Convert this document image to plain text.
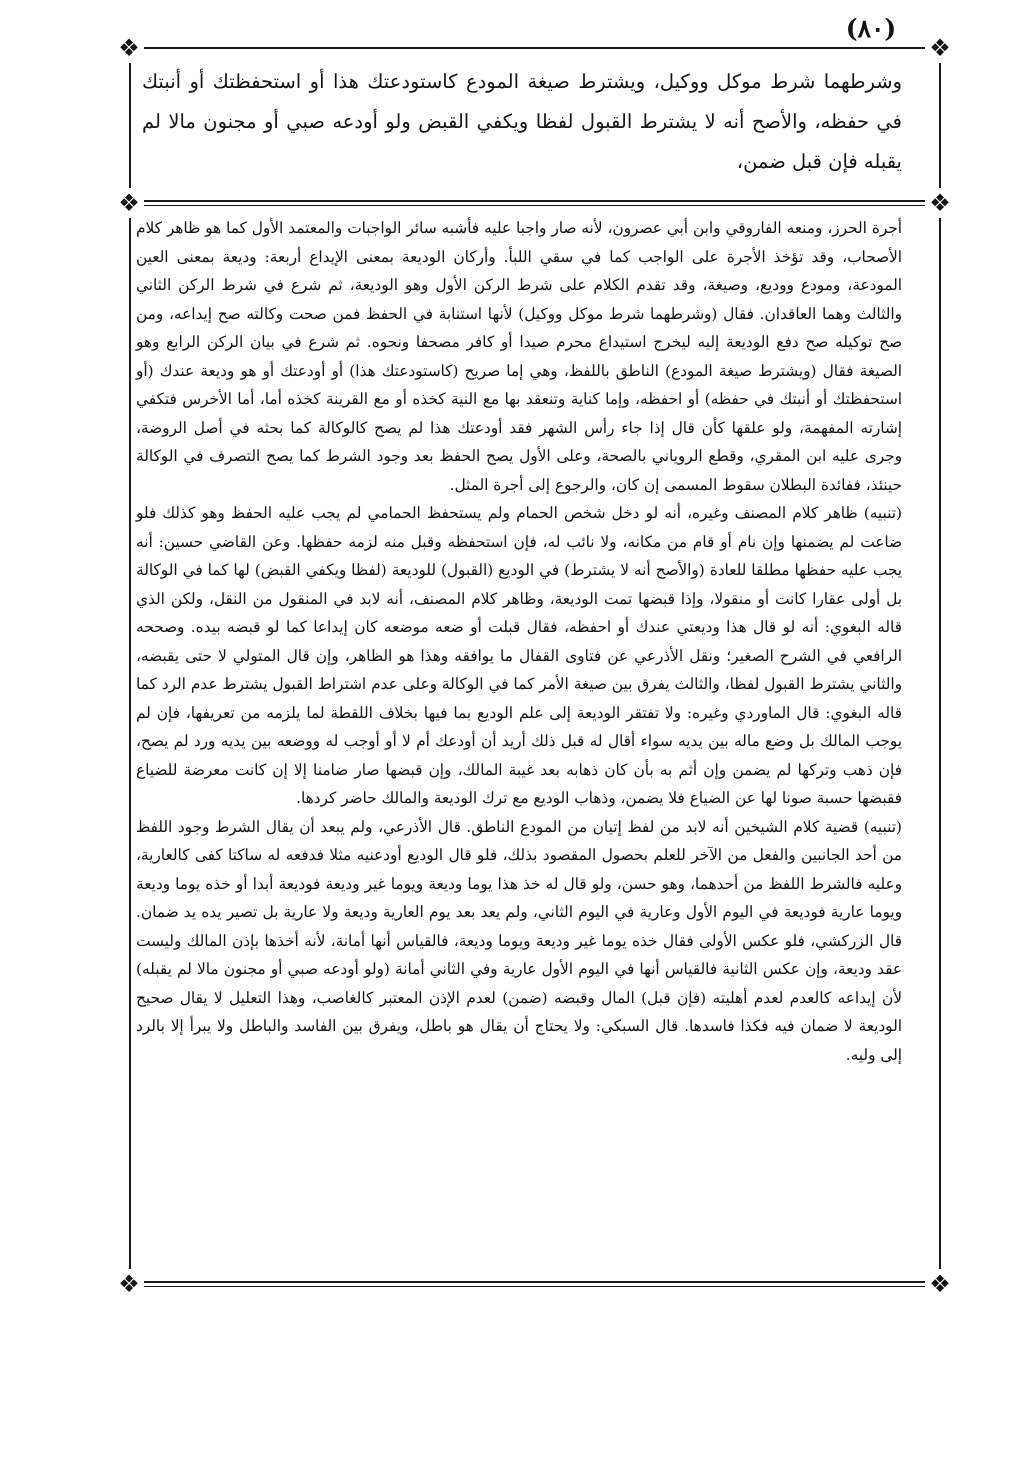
(٨٠)
❖	❖
❖	❖
❖	❖

وشرطهما شرط موكل ووكيل، ويشترط صيغة المودع كاستودعتك هذا أو استحفظتك أو أنبتك في حفظه، والأصح أنه لا يشترط القبول لفظا ويكفي القبض ولو أودعه صبي أو مجنون مالا لم يقبله فإن قبل ضمن،

أجرة الحرز، ومنعه الفاروقي وابن أبي عصرون، لأنه صار واجبا عليه فأشبه سائر الواجبات والمعتمد الأول كما هو ظاهر كلام الأصحاب، وقد تؤخذ الأجرة على الواجب كما في سقي اللبأ. وأركان الوديعة بمعنى الإيداع أربعة: وديعة بمعنى العين المودعة، ومودع ووديع، وصيغة، وقد تقدم الكلام على شرط الركن الأول وهو الوديعة، ثم شرع في شرط الركن الثاني والثالث وهما العاقدان. فقال (وشرطهما شرط موكل ووكيل) لأنها استنابة في الحفظ فمن صحت وكالته صح إيداعه، ومن صح توكيله صح دفع الوديعة إليه ليخرج استيداع محرم صيدا أو كافر مصحفا ونحوه. ثم شرع في بيان الركن الرابع وهو الصيغة فقال (ويشترط صيغة المودع) الناطق باللفظ، وهي إما صريح (كاستودعتك هذا) أو أودعتك أو هو وديعة عندك (أو استحفظتك أو أنبتك في حفظه) أو احفظه، وإما كناية وتنعقد بها مع النية كخذه أو مع القرينة كخذه أما، أما الأخرس فتكفي إشارته المفهمة، ولو علقها كأن قال إذا جاء رأس الشهر فقد أودعتك هذا لم يصح كالوكالة كما بحثه في أصل الروضة، وجرى عليه ابن المقري، وقطع الروياني بالصحة، وعلى الأول يصح الحفظ بعد وجود الشرط كما يصح التصرف في الوكالة حينئذ، ففائدة البطلان سقوط المسمى إن كان، والرجوع إلى أجرة المثل.

(تنبيه) ظاهر كلام المصنف وغيره، أنه لو دخل شخص الحمام ولم يستحفظ الحمامي لم يجب عليه الحفظ وهو كذلك فلو ضاعت لم يضمنها وإن نام أو قام من مكانه، ولا نائب له، فإن استحفظه وقبل منه لزمه حفظها. وعن القاضي حسين: أنه يجب عليه حفظها مطلقا للعادة (والأصح أنه لا يشترط) في الوديع (القبول) للوديعة (لفظا ويكفي القبض) لها كما في الوكالة بل أولى عقارا كانت أو منقولا، وإذا قبضها تمت الوديعة، وظاهر كلام المصنف، أنه لابد في المنقول من النقل، ولكن الذي قاله البغوي: أنه لو قال هذا وديعتي عندك أو احفظه، فقال قبلت أو ضعه موضعه كان إيداعا كما لو قبضه بيده. وصححه الرافعي في الشرح الصغير؛ ونقل الأذرعي عن فتاوى القفال ما يوافقه وهذا هو الظاهر، وإن قال المتولي لا حتى يقبضه، والثاني يشترط القبول لفظا، والثالث يفرق بين صيغة الأمر كما في الوكالة وعلى عدم اشتراط القبول يشترط عدم الرد كما قاله البغوي: قال الماوردي وغيره: ولا تفتقر الوديعة إلى علم الوديع بما فيها بخلاف اللقطة لما يلزمه من تعريفها، فإن لم يوجب المالك بل وضع ماله بين يديه سواء أقال له قبل ذلك أريد أن أودعك أم لا أو أوجب له ووضعه بين يديه ورد لم يصح، فإن ذهب وتركها لم يضمن وإن أثم به بأن كان ذهابه بعد غيبة المالك، وإن قبضها صار ضامنا إلا إن كانت معرضة للضياع فقبضها حسبة صونا لها عن الضياع فلا يضمن، وذهاب الوديع مع ترك الوديعة والمالك حاضر كردها.

(تنبيه) قضية كلام الشيخين أنه لابد من لفظ إتيان من المودع الناطق. قال الأذرعي، ولم يبعد أن يقال الشرط وجود اللفظ من أحد الجانبين والفعل من الآخر للعلم بحصول المقصود بذلك، فلو قال الوديع أودعنيه مثلا فدفعه له ساكتا كفى كالعارية، وعليه فالشرط اللفظ من أحدهما، وهو حسن، ولو قال له خذ هذا يوما وديعة ويوما غير وديعة فوديعة أبدا أو خذه يوما وديعة ويوما عارية فوديعة في اليوم الأول وعارية في اليوم الثاني، ولم يعد بعد يوم العارية وديعة ولا عارية بل تصير يده يد ضمان. قال الزركشي، فلو عكس الأولى فقال خذه يوما غير وديعة ويوما وديعة، فالقياس أنها أمانة، لأنه أخذها بإذن المالك وليست عقد وديعة، وإن عكس الثانية فالقياس أنها في اليوم الأول عارية وفي الثاني أمانة (ولو أودعه صبي أو مجنون مالا لم يقبله) لأن إيداعه كالعدم لعدم أهليته (فإن قبل) المال وقبضه (ضمن) لعدم الإذن المعتبر كالغاصب، وهذا التعليل لا يقال صحيح الوديعة لا ضمان فيه فكذا فاسدها. قال السبكي: ولا يحتاج أن يقال هو باطل، ويفرق بين الفاسد والباطل ولا يبرأ إلا بالرد إلى وليه.
